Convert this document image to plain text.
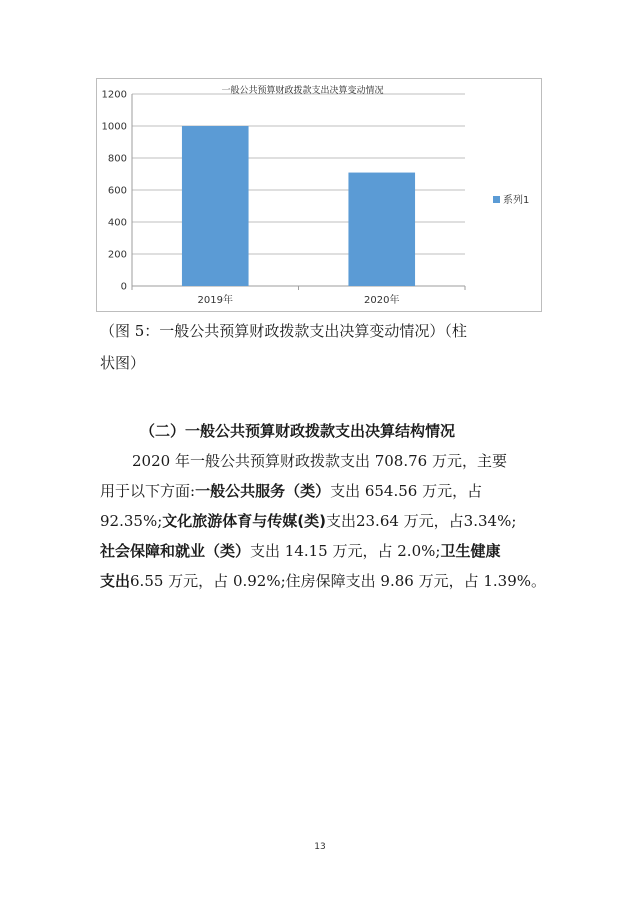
0
200
400
600
800
1000
1200
2019年	2020年
一般公共预算财政拨款支出决算变动情况
系列1

（图 5：一般公共预算财政拨款支出决算变动情况）（柱

状图）

（二）一般公共预算财政拨款支出决算结构情况

2020 年一般公共预算财政拨款支出 708.76 万元，主要

用于以下方面:一般公共服务（类）支出 654.56 万元，占

92.35%;文化旅游体育与传媒(类)支出23.64 万元，占3.34%;

社会保障和就业（类）支出 14.15 万元，占 2.0%;卫生健康

支出6.55 万元，占 0.92%;住房保障支出 9.86 万元，占 1.39%。

13
